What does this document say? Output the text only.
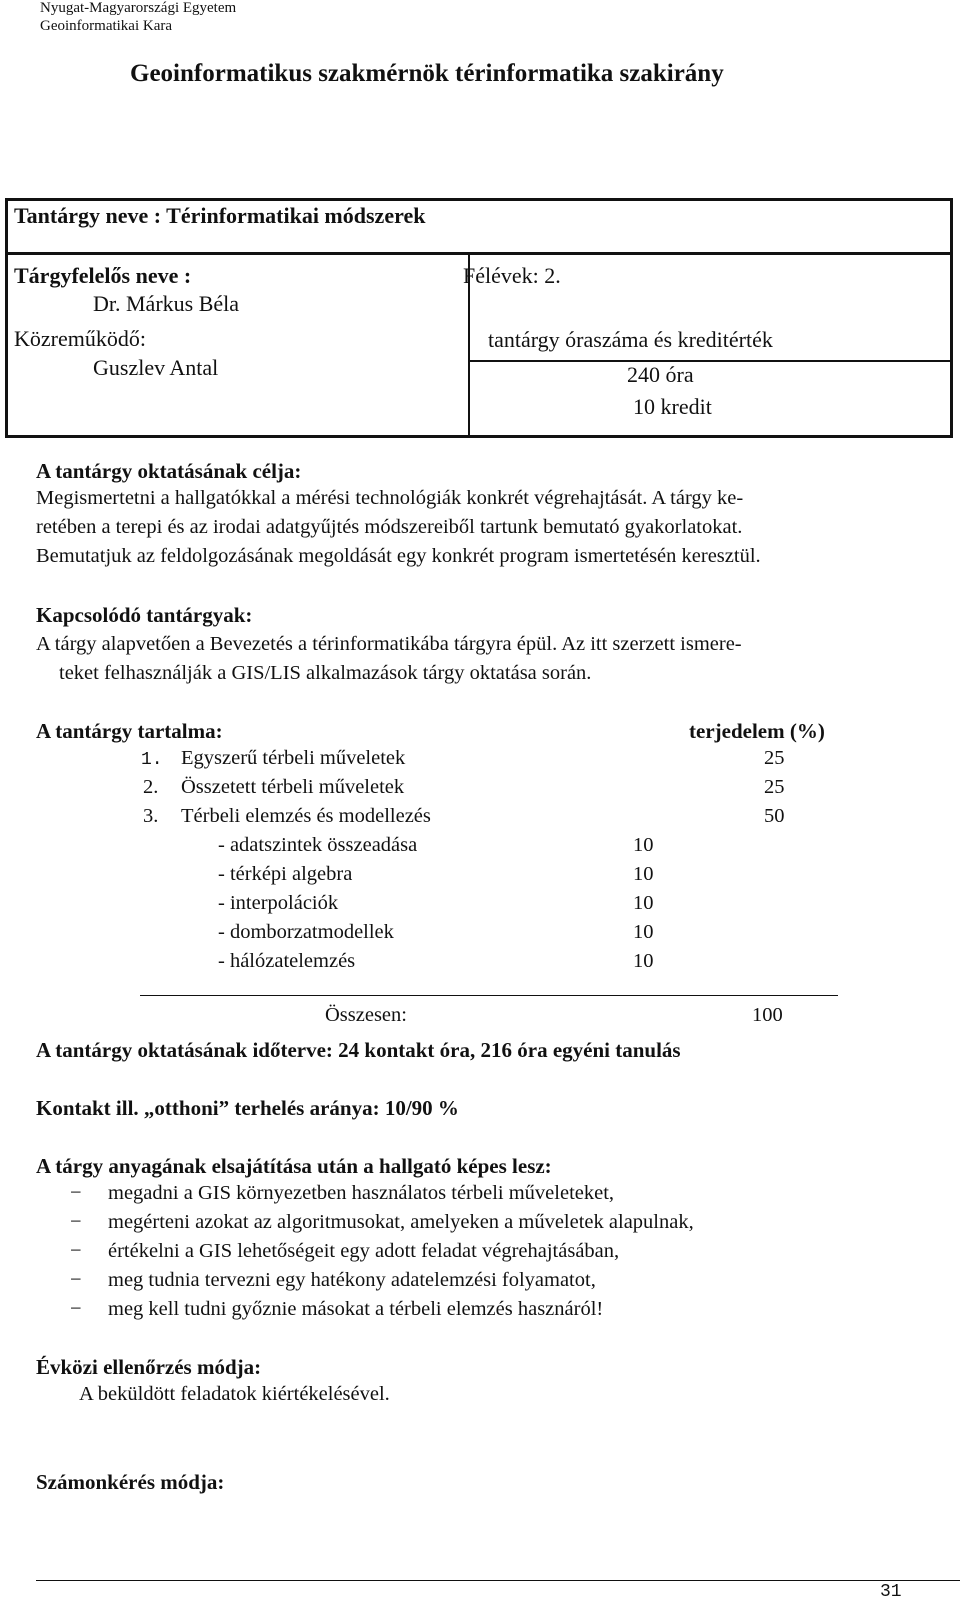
Nyugat-Magyarországi Egyetem
Geoinformatikai Kara
Geoinformatikus szakmérnök térinformatika szakirány
Tantárgy neve : Térinformatikai módszerek
Tárgyfelelős neve :
Dr. Márkus Béla
Közreműködő:
Guszlev Antal
Félévek: 2.
tantárgy óraszáma és kreditérték
240 óra
10 kredit
A tantárgy oktatásának célja:
Megismertetni a hallgatókkal a mérési technológiák konkrét végrehajtását. A tárgy ke-
retében a terepi és az irodai adatgyűjtés módszereiből tartunk bemutató gyakorlatokat.
Bemutatjuk az feldolgozásának megoldását egy konkrét program ismertetésén keresztül.
Kapcsolódó tantárgyak:
A tárgy alapvetően a Bevezetés a térinformatikába tárgyra épül. Az itt szerzett ismere-
teket felhasználják a GIS/LIS alkalmazások tárgy oktatása során.
A tantárgy tartalma:	terjedelem (%)
1. Egyszerű térbeli műveletek	25
2. Összetett térbeli műveletek	25
3. Térbeli elemzés és modellezés	50
- adatszintek összeadása	10
- térképi algebra	10
- interpolációk	10
- domborzatmodellek	10
- hálózatelemzés	10
Összesen:	100
A tantárgy oktatásának időterve: 24 kontakt óra, 216 óra egyéni tanulás
Kontakt ill. „otthoni” terhelés aránya: 10/90 %
A tárgy anyagának elsajátítása után a hallgató képes lesz:
− megadni a GIS környezetben használatos térbeli műveleteket,
− megérteni azokat az algoritmusokat, amelyeken a műveletek alapulnak,
− értékelni a GIS lehetőségeit egy adott feladat végrehajtásában,
− meg tudnia tervezni egy hatékony adatelemzési folyamatot,
− meg kell tudni győznie másokat a térbeli elemzés hasznáról!
Évközi ellenőrzés módja:
A beküldött feladatok kiértékelésével.
Számonkérés módja:
31
